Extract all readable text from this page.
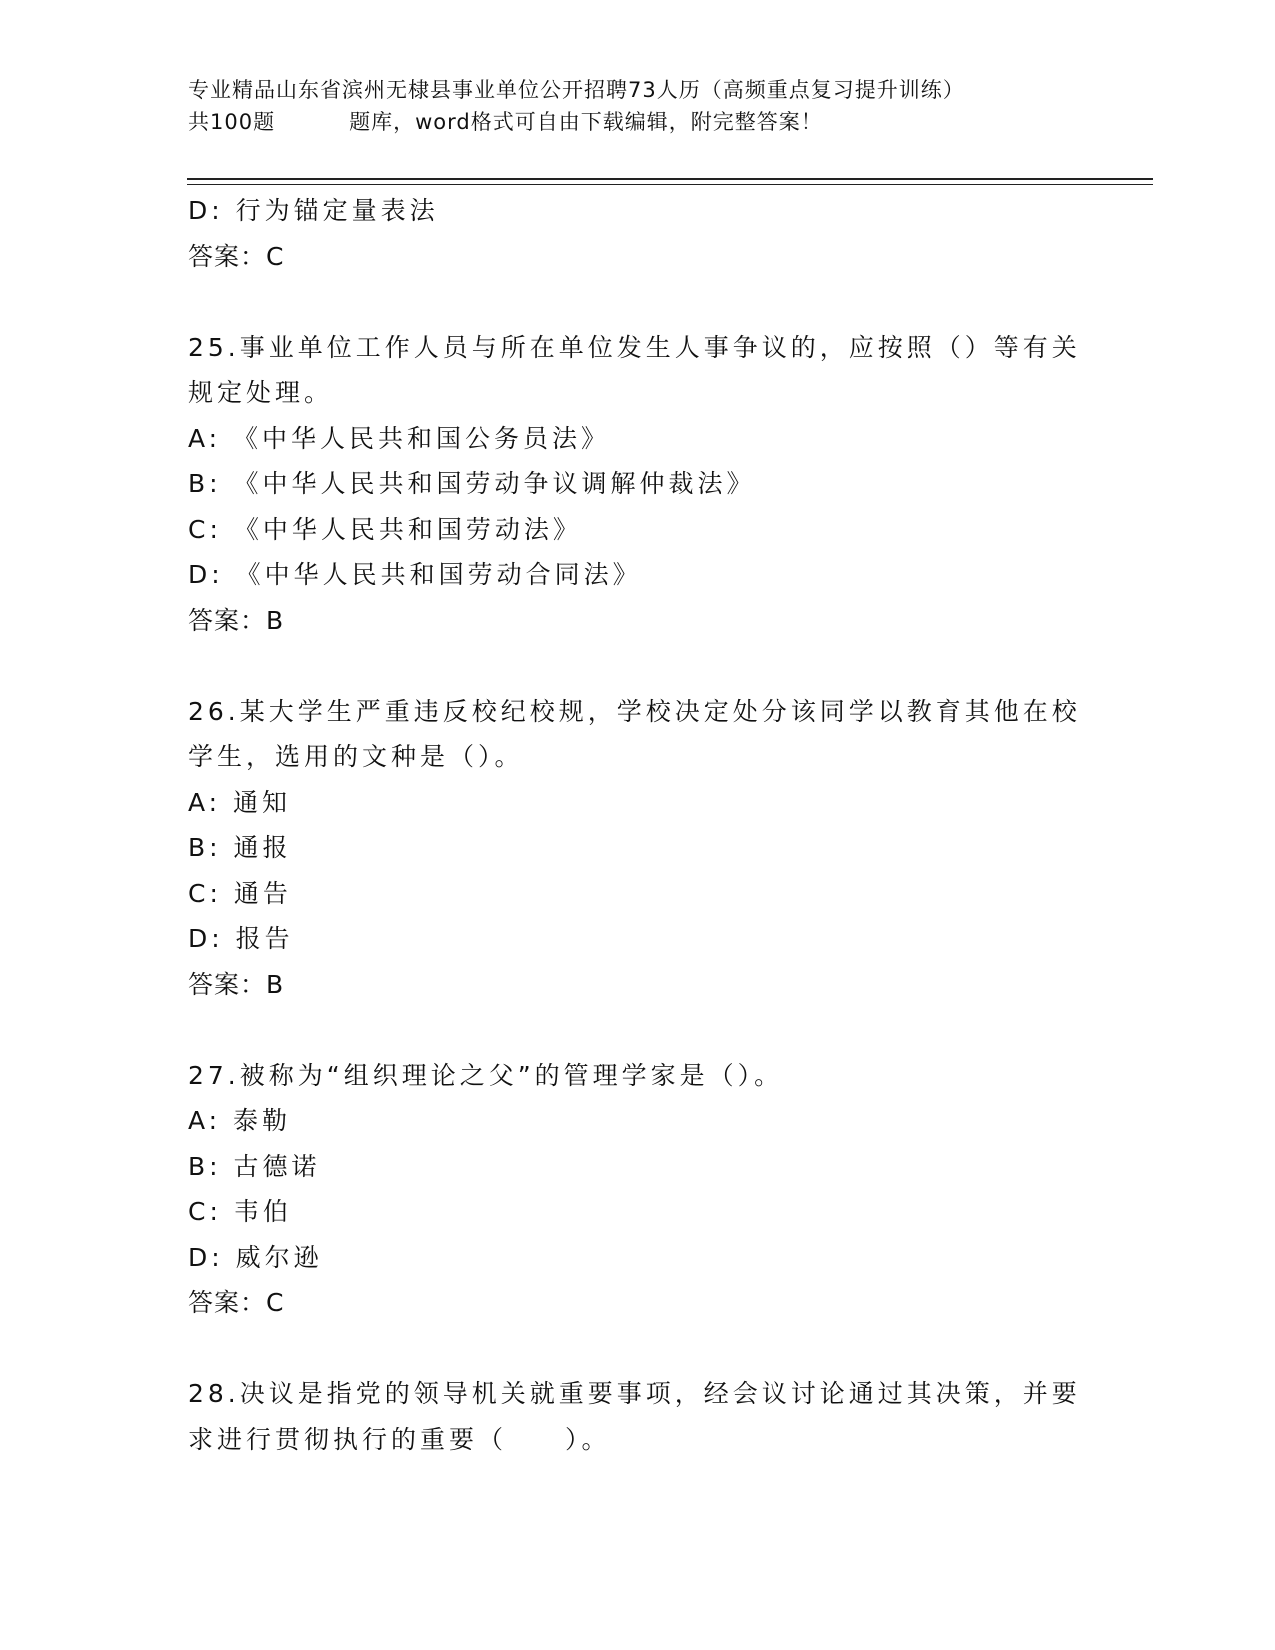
专业精品山东省滨州无棣县事业单位公开招聘73人历（高频重点复习提升训练）
共100题	题库，word格式可自由下载编辑，附完整答案！
D: 行为锚定量表法
答案：C
25.事业单位工作人员与所在单位发生人事争议的，应按照（）等有关
规定处理。
A: 《中华人民共和国公务员法》
B: 《中华人民共和国劳动争议调解仲裁法》
C: 《中华人民共和国劳动法》
D: 《中华人民共和国劳动合同法》
答案：B
26.某大学生严重违反校纪校规，学校决定处分该同学以教育其他在校
学生，选用的文种是（）。
A: 通知
B: 通报
C: 通告
D: 报告
答案：B
27.被称为“组织理论之父”的管理学家是（）。
A: 泰勒
B: 古德诺
C: 韦伯
D: 威尔逊
答案：C
28.决议是指党的领导机关就重要事项，经会议讨论通过其决策，并要
求进行贯彻执行的重要（　　）。
